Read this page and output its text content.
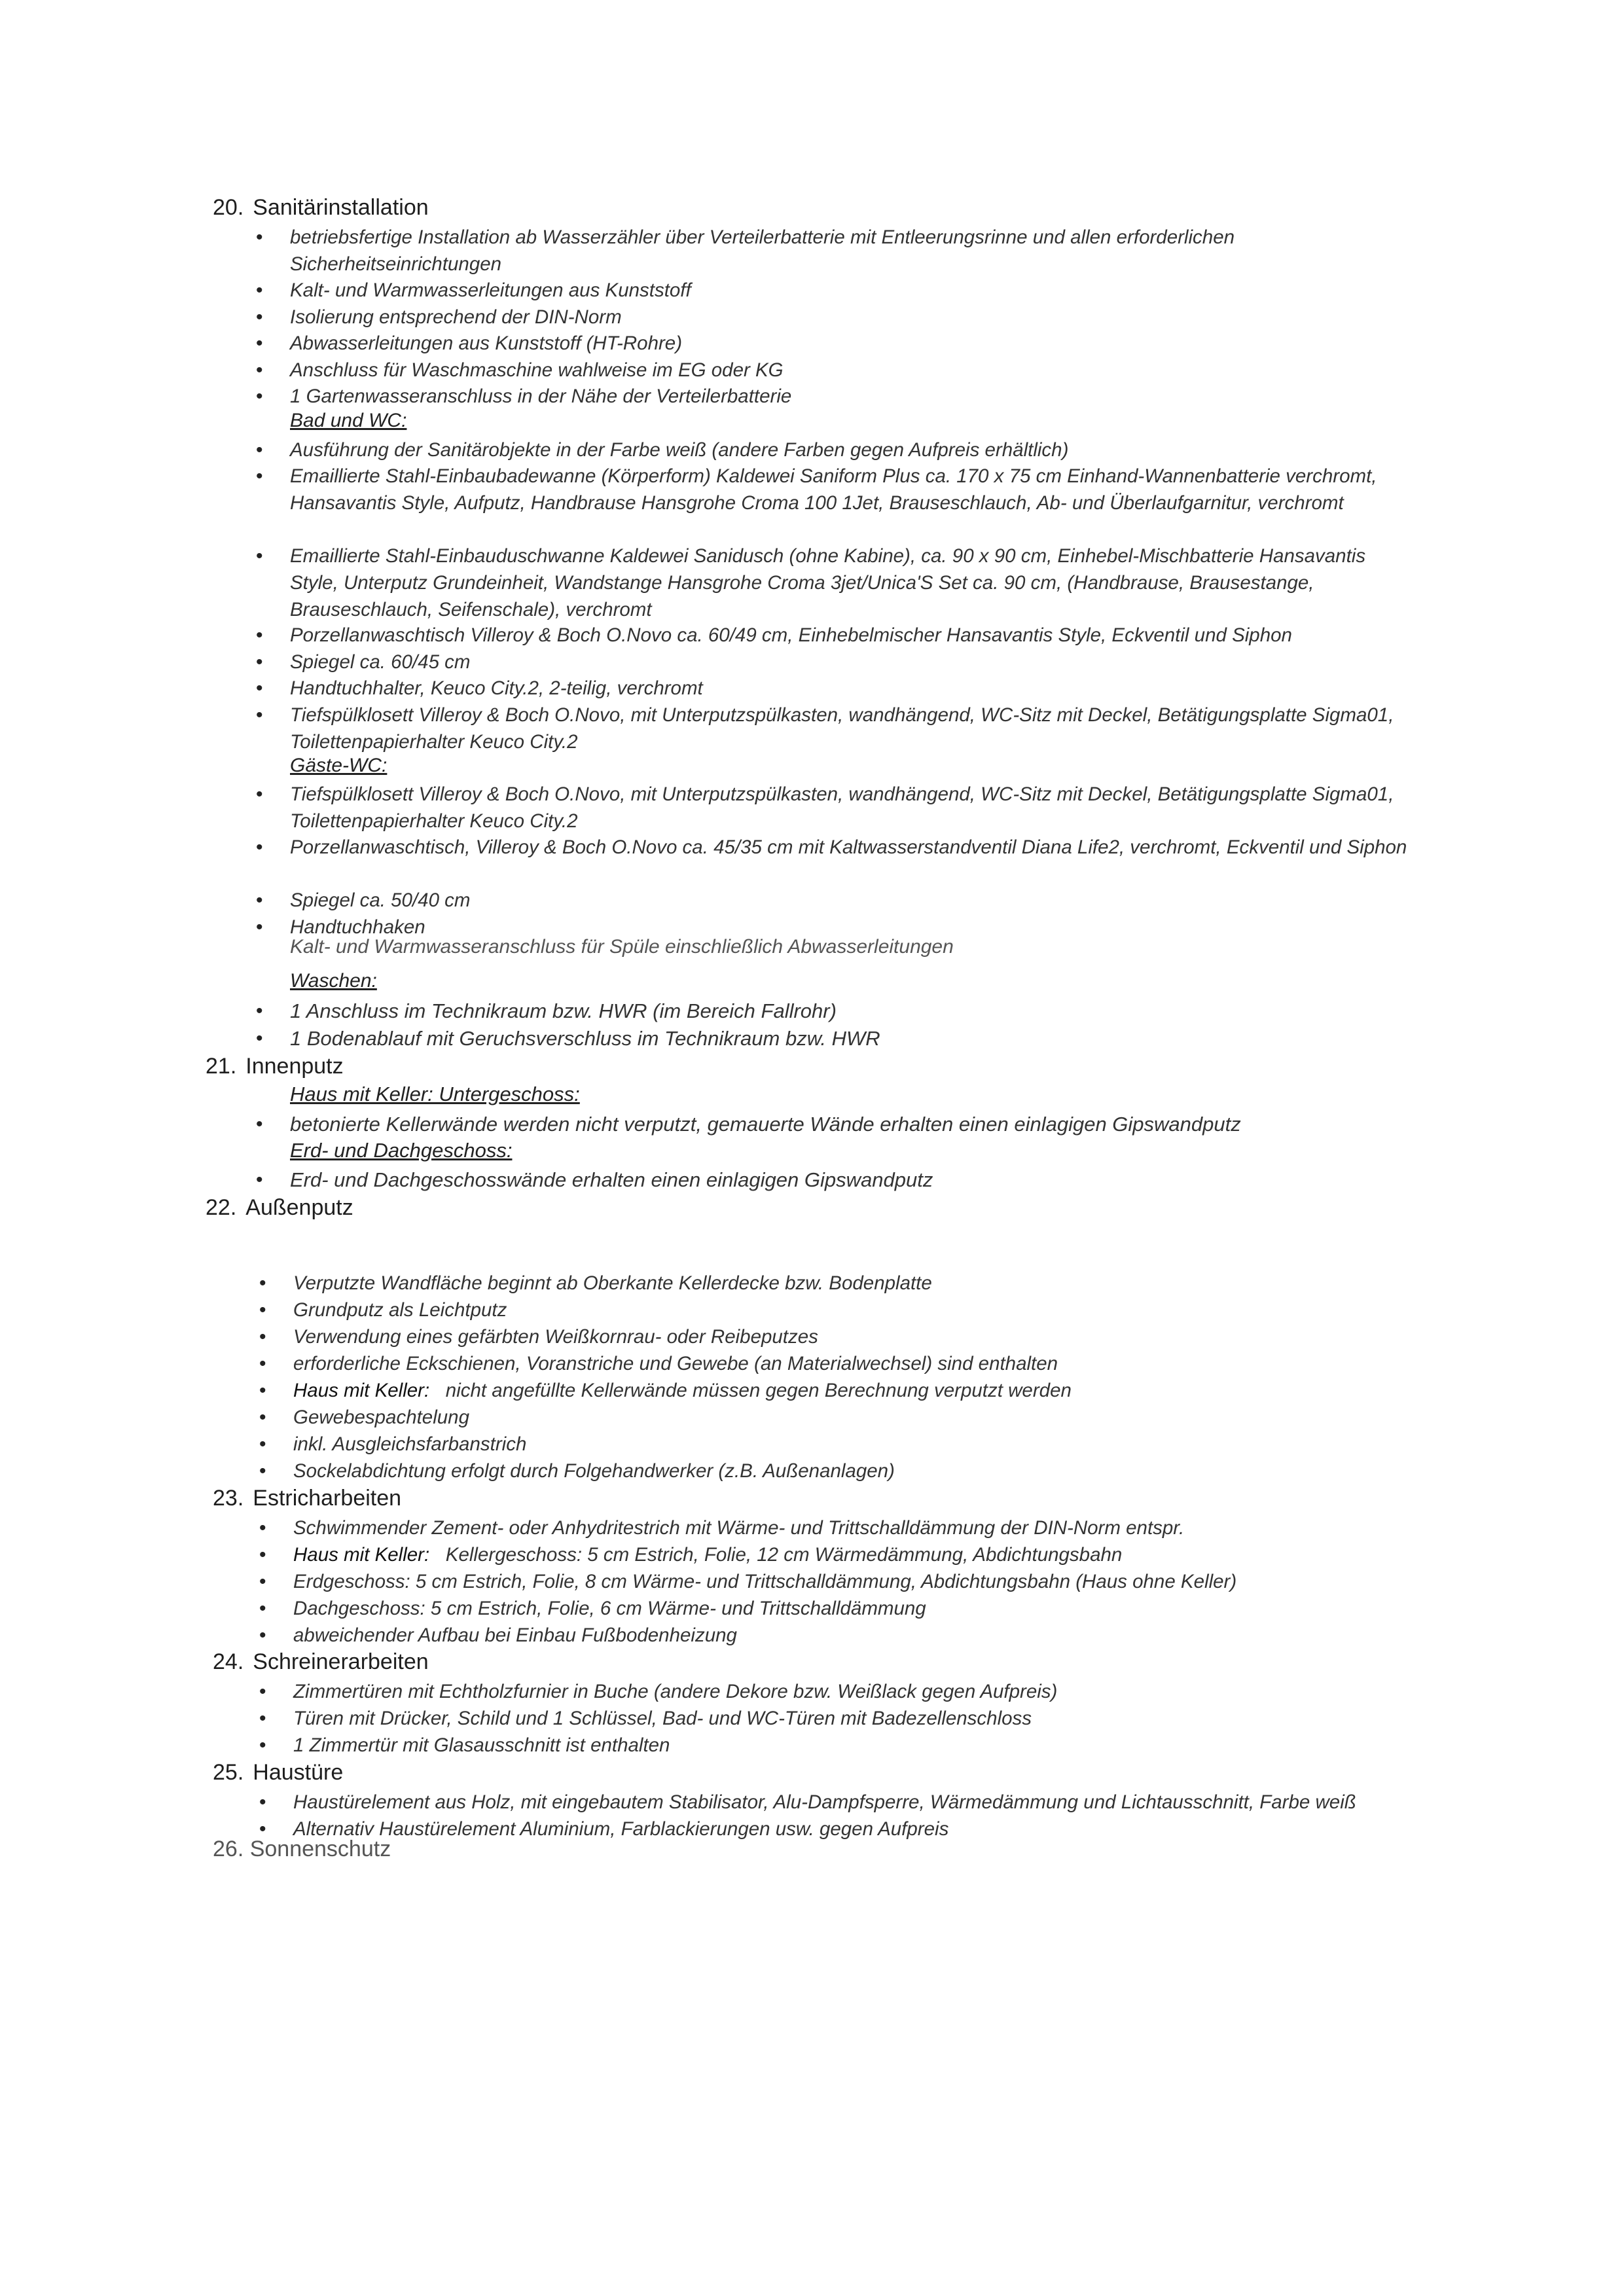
20. Sanitärinstallation
• betriebsfertige Installation ab Wasserzähler über Verteilerbatterie mit Entleerungsrinne und allen erforderlichen Sicherheitseinrichtungen
• Kalt- und Warmwasserleitungen aus Kunststoff
• Isolierung entsprechend der DIN-Norm
• Abwasserleitungen aus Kunststoff (HT-Rohre)
• Anschluss für Waschmaschine wahlweise im EG oder KG
• 1 Gartenwasseranschluss in der Nähe der Verteilerbatterie
Bad und WC:
• Ausführung der Sanitärobjekte in der Farbe weiß (andere Farben gegen Aufpreis erhältlich)
• Emaillierte Stahl-Einbaubadewanne (Körperform) Kaldewei Saniform Plus ca. 170 x 75 cm Einhand-Wannenbatterie verchromt, Hansavantis Style, Aufputz, Handbrause Hansgrohe Croma 100 1Jet, Brauseschlauch, Ab- und Überlaufgarnitur, verchromt
• Emaillierte Stahl-Einbauduschwanne Kaldewei Sanidusch (ohne Kabine), ca. 90 x 90 cm, Einhebel-Mischbatterie Hansavantis Style, Unterputz Grundeinheit, Wandstange Hansgrohe Croma 3jet/Unica'S Set ca. 90 cm, (Handbrause, Brausestange, Brauseschlauch, Seifenschale), verchromt
• Porzellanwaschtisch Villeroy & Boch O.Novo ca. 60/49 cm, Einhebelmischer Hansavantis Style, Eckventil und Siphon
• Spiegel ca. 60/45 cm
• Handtuchhalter, Keuco City.2, 2-teilig, verchromt
• Tiefspülklosett Villeroy & Boch O.Novo, mit Unterputzspülkasten, wandhängend, WC-Sitz mit Deckel, Betätigungsplatte Sigma01, Toilettenpapierhalter Keuco City.2
Gäste-WC:
• Tiefspülklosett Villeroy & Boch O.Novo, mit Unterputzspülkasten, wandhängend, WC-Sitz mit Deckel, Betätigungsplatte Sigma01, Toilettenpapierhalter Keuco City.2
• Porzellanwaschtisch, Villeroy & Boch O.Novo ca. 45/35 cm mit Kaltwasserstandventil Diana Life2, verchromt, Eckventil und Siphon
• Spiegel ca. 50/40 cm
• Handtuchhaken
Kalt- und Warmwasseranschluss für Spüle einschließlich Abwasserleitungen
Waschen:
• 1 Anschluss im Technikraum bzw. HWR (im Bereich Fallrohr)
• 1 Bodenablauf mit Geruchsverschluss im Technikraum bzw. HWR
21. Innenputz
Haus mit Keller: Untergeschoss:
• betonierte Kellerwände werden nicht verputzt, gemauerte Wände erhalten einen einlagigen Gipswandputz
Erd- und Dachgeschoss:
• Erd- und Dachgeschosswände erhalten einen einlagigen Gipswandputz
22. Außenputz
• Verputzte Wandfläche beginnt ab Oberkante Kellerdecke bzw. Bodenplatte
• Grundputz als Leichtputz
• Verwendung eines gefärbten Weißkornrau- oder Reibeputzes
• erforderliche Eckschienen, Voranstriche und Gewebe (an Materialwechsel) sind enthalten
• Haus mit Keller: nicht angefüllte Kellerwände müssen gegen Berechnung verputzt werden
• Gewebespachtelung
• inkl. Ausgleichsfarbanstrich
• Sockelabdichtung erfolgt durch Folgehandwerker (z.B. Außenanlagen)
23. Estricharbeiten
• Schwimmender Zement- oder Anhydritestrich mit Wärme- und Trittschalldämmung der DIN-Norm entspr.
• Haus mit Keller: Kellergeschoss: 5 cm Estrich, Folie, 12 cm Wärmedämmung, Abdichtungsbahn
• Erdgeschoss: 5 cm Estrich, Folie, 8 cm Wärme- und Trittschalldämmung, Abdichtungsbahn (Haus ohne Keller)
• Dachgeschoss: 5 cm Estrich, Folie, 6 cm Wärme- und Trittschalldämmung
• abweichender Aufbau bei Einbau Fußbodenheizung
24. Schreinerarbeiten
• Zimmertüren mit Echtholzfurnier in Buche (andere Dekore bzw. Weißlack gegen Aufpreis)
• Türen mit Drücker, Schild und 1 Schlüssel, Bad- und WC-Türen mit Badezellenschloss
• 1 Zimmertür mit Glasausschnitt ist enthalten
25. Haustüre
• Haustürelement aus Holz, mit eingebautem Stabilisator, Alu-Dampfsperre, Wärmedämmung und Lichtausschnitt, Farbe weiß
• Alternativ Haustürelement Aluminium, Farblackierungen usw. gegen Aufpreis
26. Sonnenschutz
